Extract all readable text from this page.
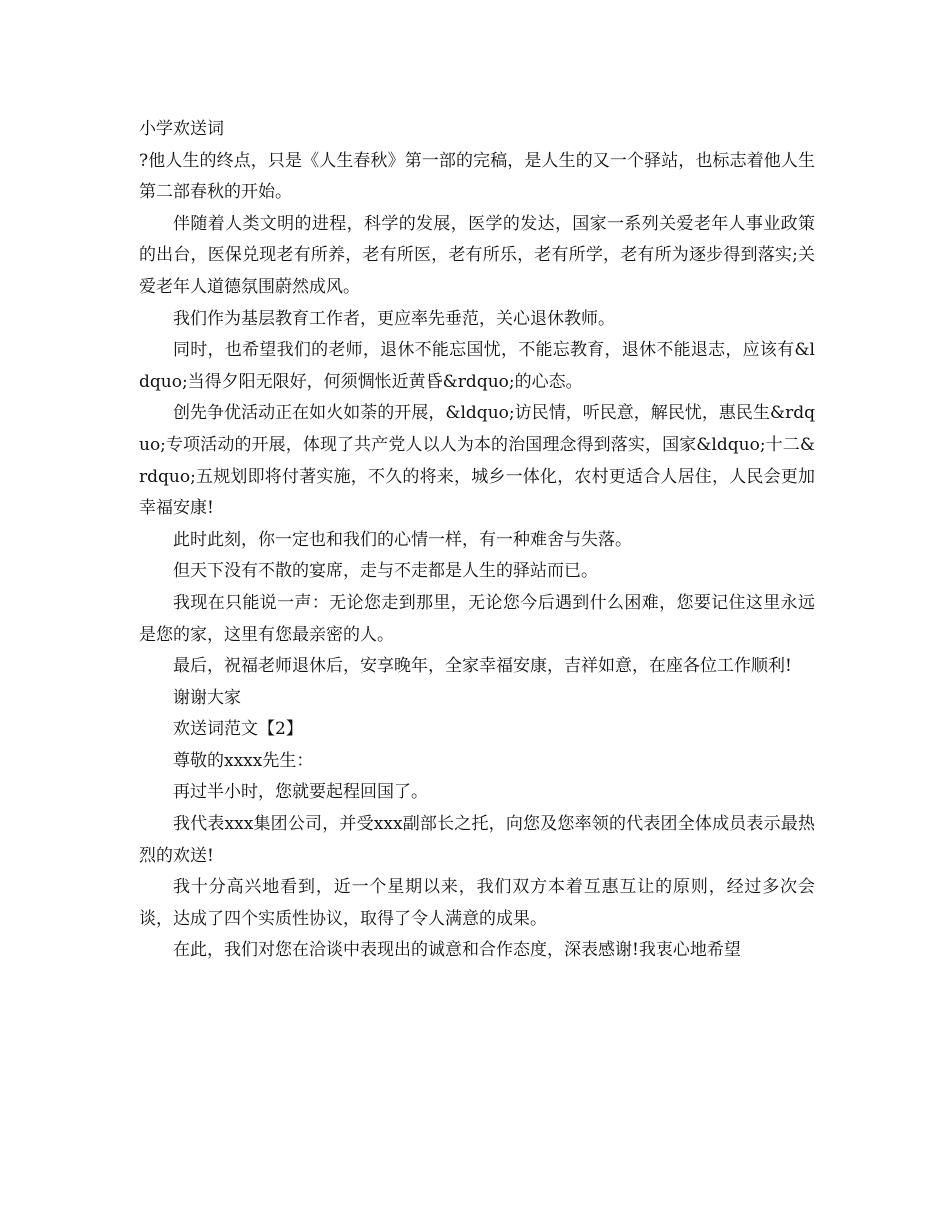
小学欢送词

?他人生的终点，只是《人生春秋》第一部的完稿，是人生的又一个驿站，也标志着他人生第二部春秋的开始。

伴随着人类文明的进程，科学的发展，医学的发达，国家一系列关爱老年人事业政策的出台，医保兑现老有所养，老有所医，老有所乐，老有所学，老有所为逐步得到落实;关爱老年人道德氛围蔚然成风。

我们作为基层教育工作者，更应率先垂范，关心退休教师。

同时，也希望我们的老师，退休不能忘国忧，不能忘教育，退休不能退志，应该有&ldquo;当得夕阳无限好，何须惆怅近黄昏&rdquo;的心态。

创先争优活动正在如火如荼的开展，&ldquo;访民情，听民意，解民忧，惠民生&rdquo;专项活动的开展，体现了共产党人以人为本的治国理念得到落实，国家&ldquo;十二&rdquo;五规划即将付著实施，不久的将来，城乡一体化，农村更适合人居住，人民会更加幸福安康!

此时此刻，你一定也和我们的心情一样，有一种难舍与失落。

但天下没有不散的宴席，走与不走都是人生的驿站而已。

我现在只能说一声：无论您走到那里，无论您今后遇到什么困难，您要记住这里永远是您的家，这里有您最亲密的人。

最后，祝福老师退休后，安享晚年，全家幸福安康，吉祥如意，在座各位工作顺利!

谢谢大家

欢送词范文【2】

尊敬的xxxx先生：

再过半小时，您就要起程回国了。

我代表xxx集团公司，并受xxx副部长之托，向您及您率领的代表团全体成员表示最热烈的欢送!

我十分高兴地看到，近一个星期以来，我们双方本着互惠互让的原则，经过多次会谈，达成了四个实质性协议，取得了令人满意的成果。

在此，我们对您在洽谈中表现出的诚意和合作态度，深表感谢!我衷心地希望
